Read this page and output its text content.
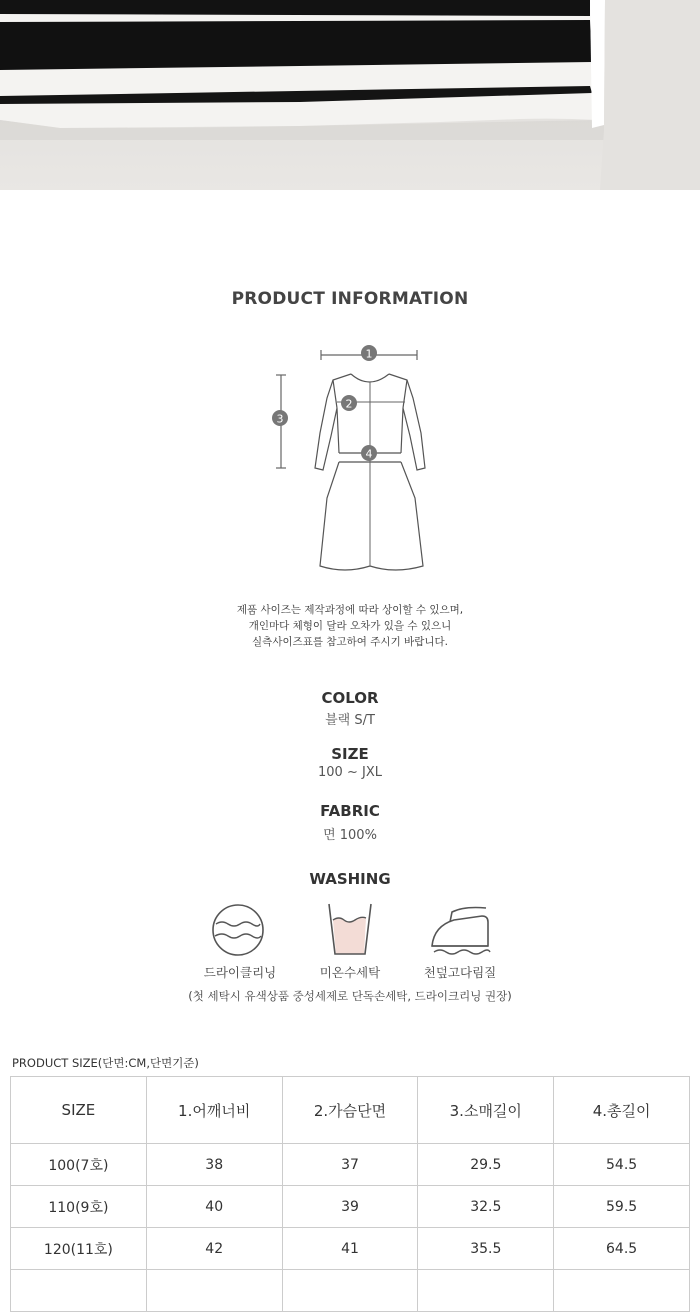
PRODUCT INFORMATION
1
2
3
4
제품 사이즈는 제작과정에 따라 상이할 수 있으며,
개인마다 체형이 달라 오차가 있을 수 있으니
실측사이즈표를 참고하여 주시기 바랍니다.
COLOR
블랙 S/T
SIZE
100 ~ JXL
FABRIC
면 100%
WASHING
드라이클리닝	미온수세탁	천덮고다림질
(첫 세탁시 유색상품 중성세제로 단독손세탁, 드라이크리닝 권장)
PRODUCT SIZE(단면:CM,단면기준)
SIZE	1.어깨너비	2.가슴단면	3.소매길이	4.총길이
100(7호)	38	37	29.5	54.5
110(9호)	40	39	32.5	59.5
120(11호)	42	41	35.5	64.5
